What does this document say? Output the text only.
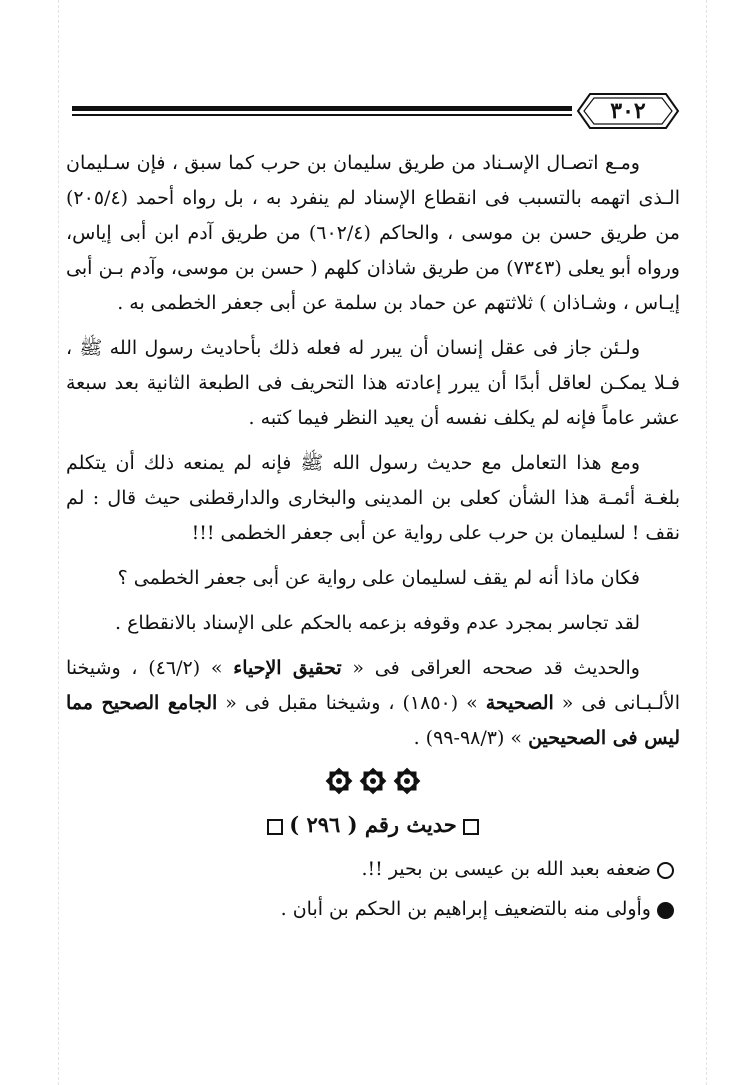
٣٠٢

ومـع اتصـال الإسـناد من طريق سليمان بن حرب كما سبق ، فإن سـليمان الـذى اتهمه بالتسبب فى انقطاع الإسناد لم ينفرد به ، بل رواه أحمد (٢٠٥/٤) من طريق حسن بن موسى ، والحاكم (٦٠٢/٤) من طريق آدم ابن أبى إياس، ورواه أبو يعلى (٧٣٤٣) من طريق شاذان كلهم ( حسن بن موسى، وآدم بـن أبى إيـاس ، وشـاذان ) ثلاثتهم عن حماد بن سلمة عن أبى جعفر الخطمى به .

ولـئن جاز فى عقل إنسان أن يبرر له فعله ذلك بأحاديث رسول الله ﷺ ، فـلا يمكـن لعاقل أبدًا أن يبرر إعادته هذا التحريف فى الطبعة الثانية بعد سبعة عشر عاماً فإنه لم يكلف نفسه أن يعيد النظر فيما كتبه .

ومع هذا التعامل مع حديث رسول الله ﷺ فإنه لم يمنعه ذلك أن يتكلم بلغـة أئمـة هذا الشأن كعلى بن المدينى والبخارى والدارقطنى حيث قال : لم نقف ! لسليمان بن حرب على رواية عن أبى جعفر الخطمى !!!

فكان ماذا أنه لم يقف لسليمان على رواية عن أبى جعفر الخطمى ؟

لقد تجاسر بمجرد عدم وقوفه بزعمه بالحكم على الإسناد بالانقطاع .

والحديث قد صححه العراقى فى « تحقيق الإحياء » (٤٦/٢) ، وشيخنا الألـبـانى فى « الصحيحة » (١٨٥٠) ، وشيخنا مقبل فى « الجامع الصحيح مما ليس فى الصحيحين » (٩٨/٣-٩٩) .

حديث رقم ( ٢٩٦ )
ضعفه بعبد الله بن عيسى بن بحير !!.
وأولى منه بالتضعيف إبراهيم بن الحكم بن أبان .
